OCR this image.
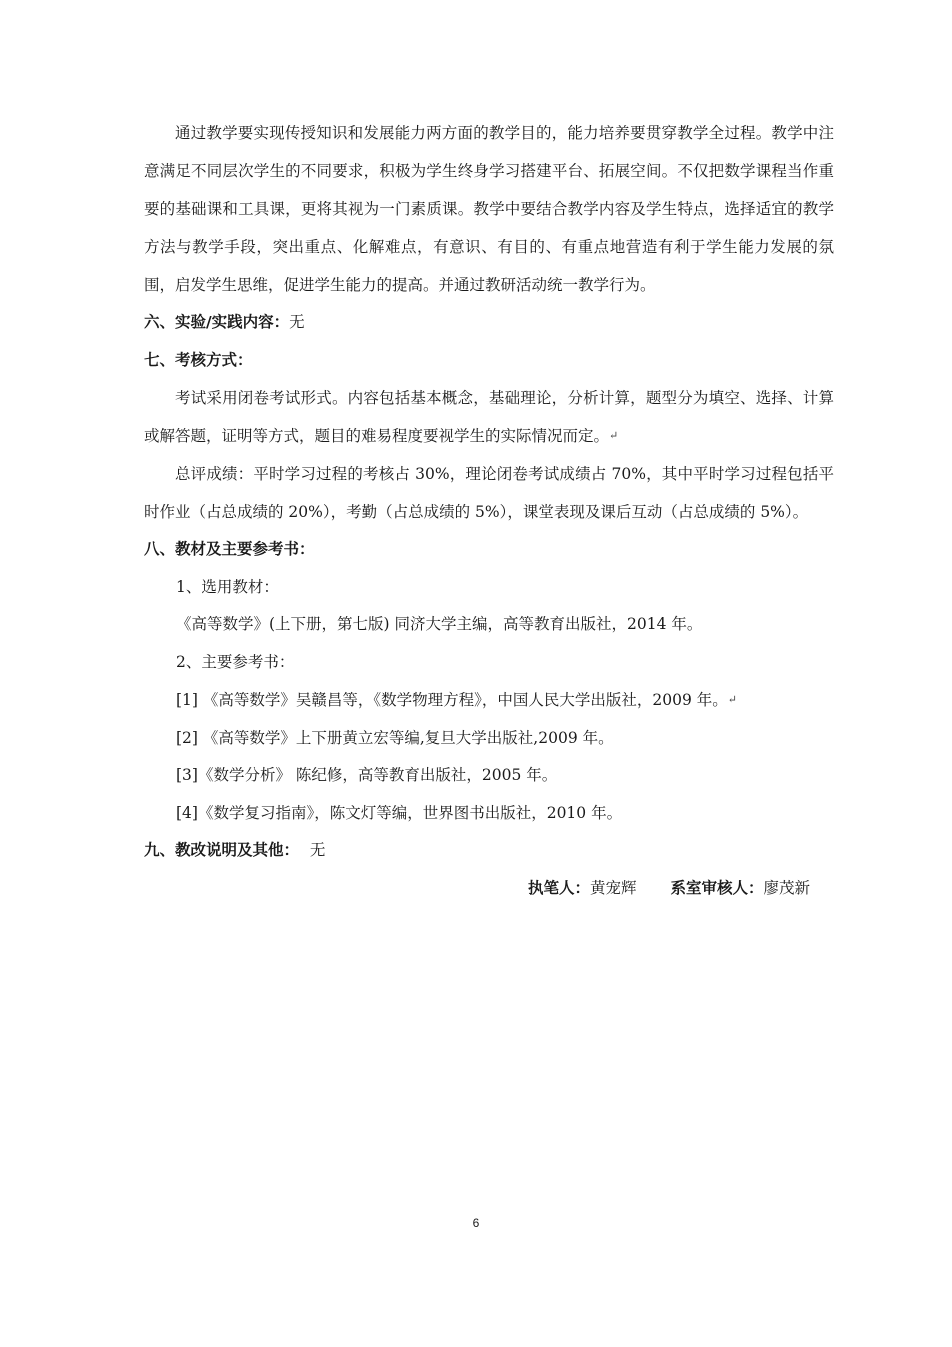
通过教学要实现传授知识和发展能力两方面的教学目的，能力培养要贯穿教学全过程。教学中注意满足不同层次学生的不同要求，积极为学生终身学习搭建平台、拓展空间。不仅把数学课程当作重要的基础课和工具课，更将其视为一门素质课。教学中要结合教学内容及学生特点，选择适宜的教学方法与教学手段，突出重点、化解难点，有意识、有目的、有重点地营造有利于学生能力发展的氛围，启发学生思维，促进学生能力的提高。并通过教研活动统一教学行为。

六、实验/实践内容：无

七、考核方式：

考试采用闭卷考试形式。内容包括基本概念，基础理论，分析计算，题型分为填空、选择、计算或解答题，证明等方式，题目的难易程度要视学生的实际情况而定。↵

总评成绩：平时学习过程的考核占 30%，理论闭卷考试成绩占 70%，其中平时学习过程包括平时作业（占总成绩的 20%），考勤（占总成绩的 5%），课堂表现及课后互动（占总成绩的 5%）。

八、教材及主要参考书：

1、选用教材：

《高等数学》(上下册，第七版) 同济大学主编，高等教育出版社，2014 年。

2、主要参考书：

[1] 《高等数学》吴赣昌等，《数学物理方程》，中国人民大学出版社，2009 年。↵

[2] 《高等数学》上下册黄立宏等编,复旦大学出版社,2009 年。

[3]《数学分析》 陈纪修，高等教育出版社，2005 年。

[4]《数学复习指南》，陈文灯等编，世界图书出版社，2010 年。

九、教改说明及其他： 无

执笔人：黄宠辉 系室审核人：廖茂新

6
